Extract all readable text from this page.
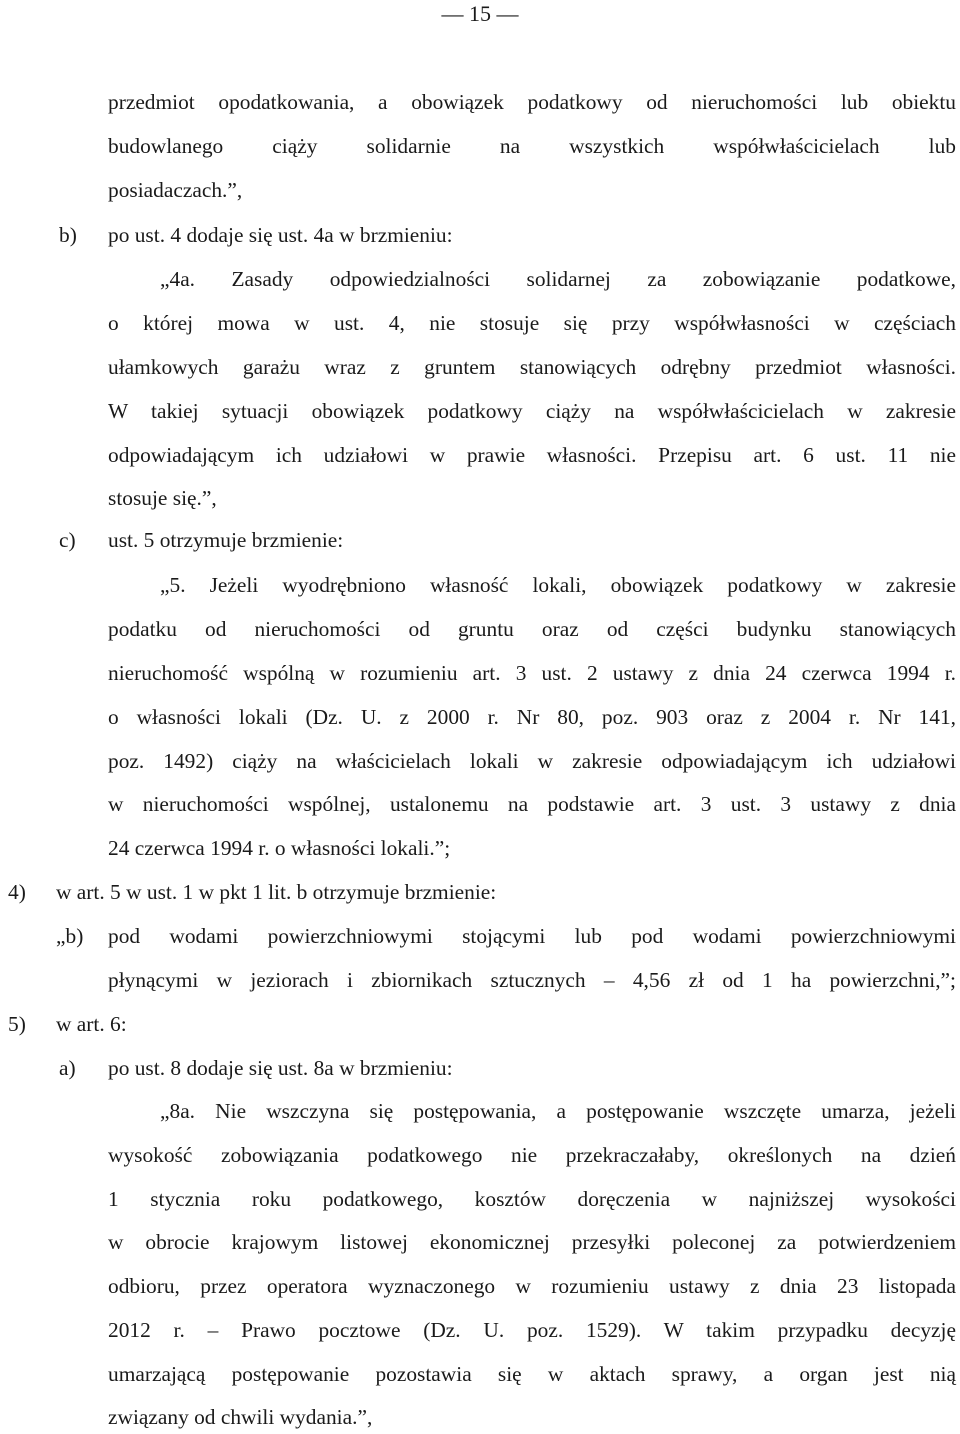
— 15 —
b)
c)
4)
„b)
5)
a)
przedmiot opodatkowania, a obowiązek podatkowy od nieruchomości lub obiektu
budowlanego ciąży solidarnie na wszystkich współwłaścicielach lub
posiadaczach.”,
po ust. 4 dodaje się ust. 4a w brzmieniu:
„4a. Zasady odpowiedzialności solidarnej za zobowiązanie podatkowe,
o której mowa w ust. 4, nie stosuje się przy współwłasności w częściach
ułamkowych garażu wraz z gruntem stanowiących odrębny przedmiot własności.
W takiej sytuacji obowiązek podatkowy ciąży na współwłaścicielach w zakresie
odpowiadającym ich udziałowi w prawie własności. Przepisu art. 6 ust. 11 nie
stosuje się.”,
ust. 5 otrzymuje brzmienie:
„5. Jeżeli wyodrębniono własność lokali, obowiązek podatkowy w zakresie
podatku od nieruchomości od gruntu oraz od części budynku stanowiących
nieruchomość wspólną w rozumieniu art. 3 ust. 2 ustawy z dnia 24 czerwca 1994 r.
o własności lokali (Dz. U. z 2000 r. Nr 80, poz. 903 oraz z 2004 r. Nr 141,
poz. 1492) ciąży na właścicielach lokali w zakresie odpowiadającym ich udziałowi
w nieruchomości wspólnej, ustalonemu na podstawie art. 3 ust. 3 ustawy z dnia
24 czerwca 1994 r. o własności lokali.”;
w art. 5 w ust. 1 w pkt 1 lit. b otrzymuje brzmienie:
pod wodami powierzchniowymi stojącymi lub pod wodami powierzchniowymi
płynącymi w jeziorach i zbiornikach sztucznych – 4,56 zł od 1 ha powierzchni,”;
w art. 6:
po ust. 8 dodaje się ust. 8a w brzmieniu:
„8a. Nie wszczyna się postępowania, a postępowanie wszczęte umarza, jeżeli
wysokość zobowiązania podatkowego nie przekraczałaby, określonych na dzień
1 stycznia roku podatkowego, kosztów doręczenia w najniższej wysokości
w obrocie krajowym listowej ekonomicznej przesyłki poleconej za potwierdzeniem
odbioru, przez operatora wyznaczonego w rozumieniu ustawy z dnia 23 listopada
2012 r. – Prawo pocztowe (Dz. U. poz. 1529). W takim przypadku decyzję
umarzającą postępowanie pozostawia się w aktach sprawy, a organ jest nią
związany od chwili wydania.”,
